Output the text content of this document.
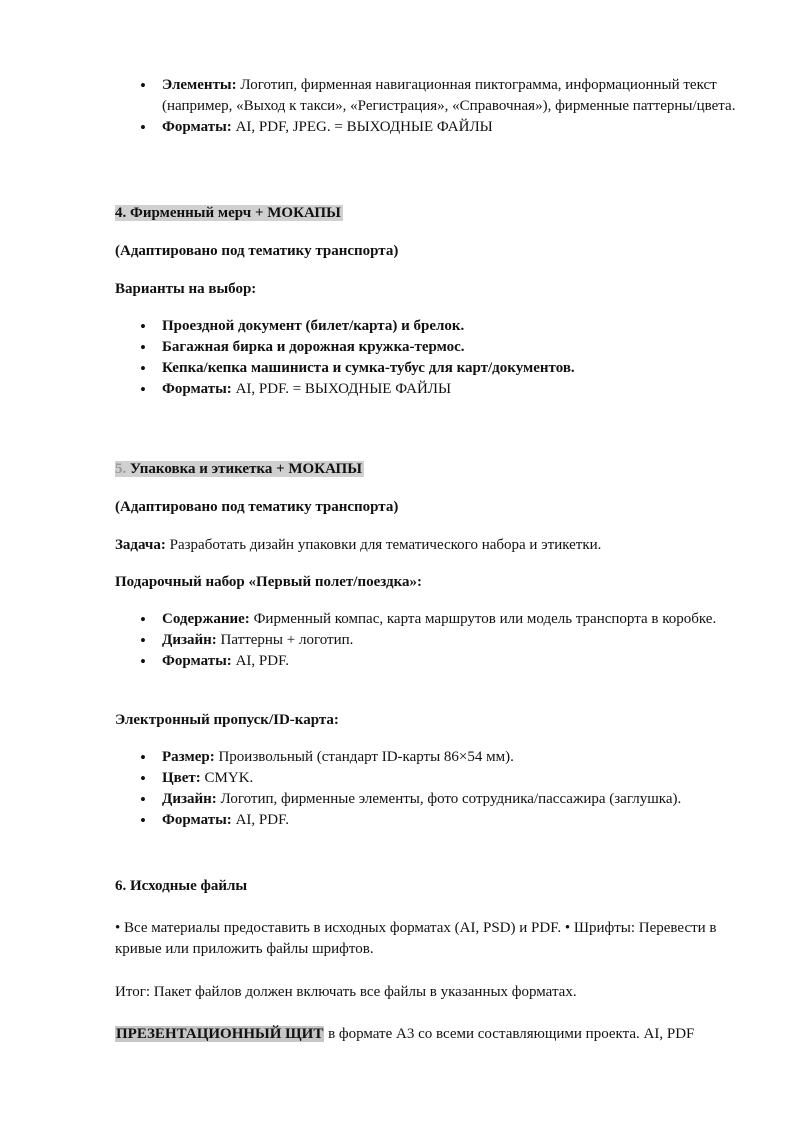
• Элементы: Логотип, фирменная навигационная пиктограмма, информационный текст (например, «Выход к такси», «Регистрация», «Справочная»), фирменные паттерны/цвета.
• Форматы: AI, PDF, JPEG. = ВЫХОДНЫЕ ФАЙЛЫ
4. Фирменный мерч + МОКАПЫ
(Адаптировано под тематику транспорта)
Варианты на выбор:
• Проездной документ (билет/карта) и брелок.
• Багажная бирка и дорожная кружка-термос.
• Кепка/кепка машиниста и сумка-тубус для карт/документов.
• Форматы: AI, PDF. = ВЫХОДНЫЕ ФАЙЛЫ
5. Упаковка и этикетка + МОКАПЫ
(Адаптировано под тематику транспорта)
Задача: Разработать дизайн упаковки для тематического набора и этикетки.
Подарочный набор «Первый полет/поездка»:
• Содержание: Фирменный компас, карта маршрутов или модель транспорта в коробке.
• Дизайн: Паттерны + логотип.
• Форматы: AI, PDF.
Электронный пропуск/ID-карта:
• Размер: Произвольный (стандарт ID-карты 86×54 мм).
• Цвет: CMYK.
• Дизайн: Логотип, фирменные элементы, фото сотрудника/пассажира (заглушка).
• Форматы: AI, PDF.
6. Исходные файлы
• Все материалы предоставить в исходных форматах (AI, PSD) и PDF. • Шрифты: Перевести в кривые или приложить файлы шрифтов.
Итог: Пакет файлов должен включать все файлы в указанных форматах.
ПРЕЗЕНТАЦИОННЫЙ ЩИТ в формате А3 со всеми составляющими проекта. AI, PDF
